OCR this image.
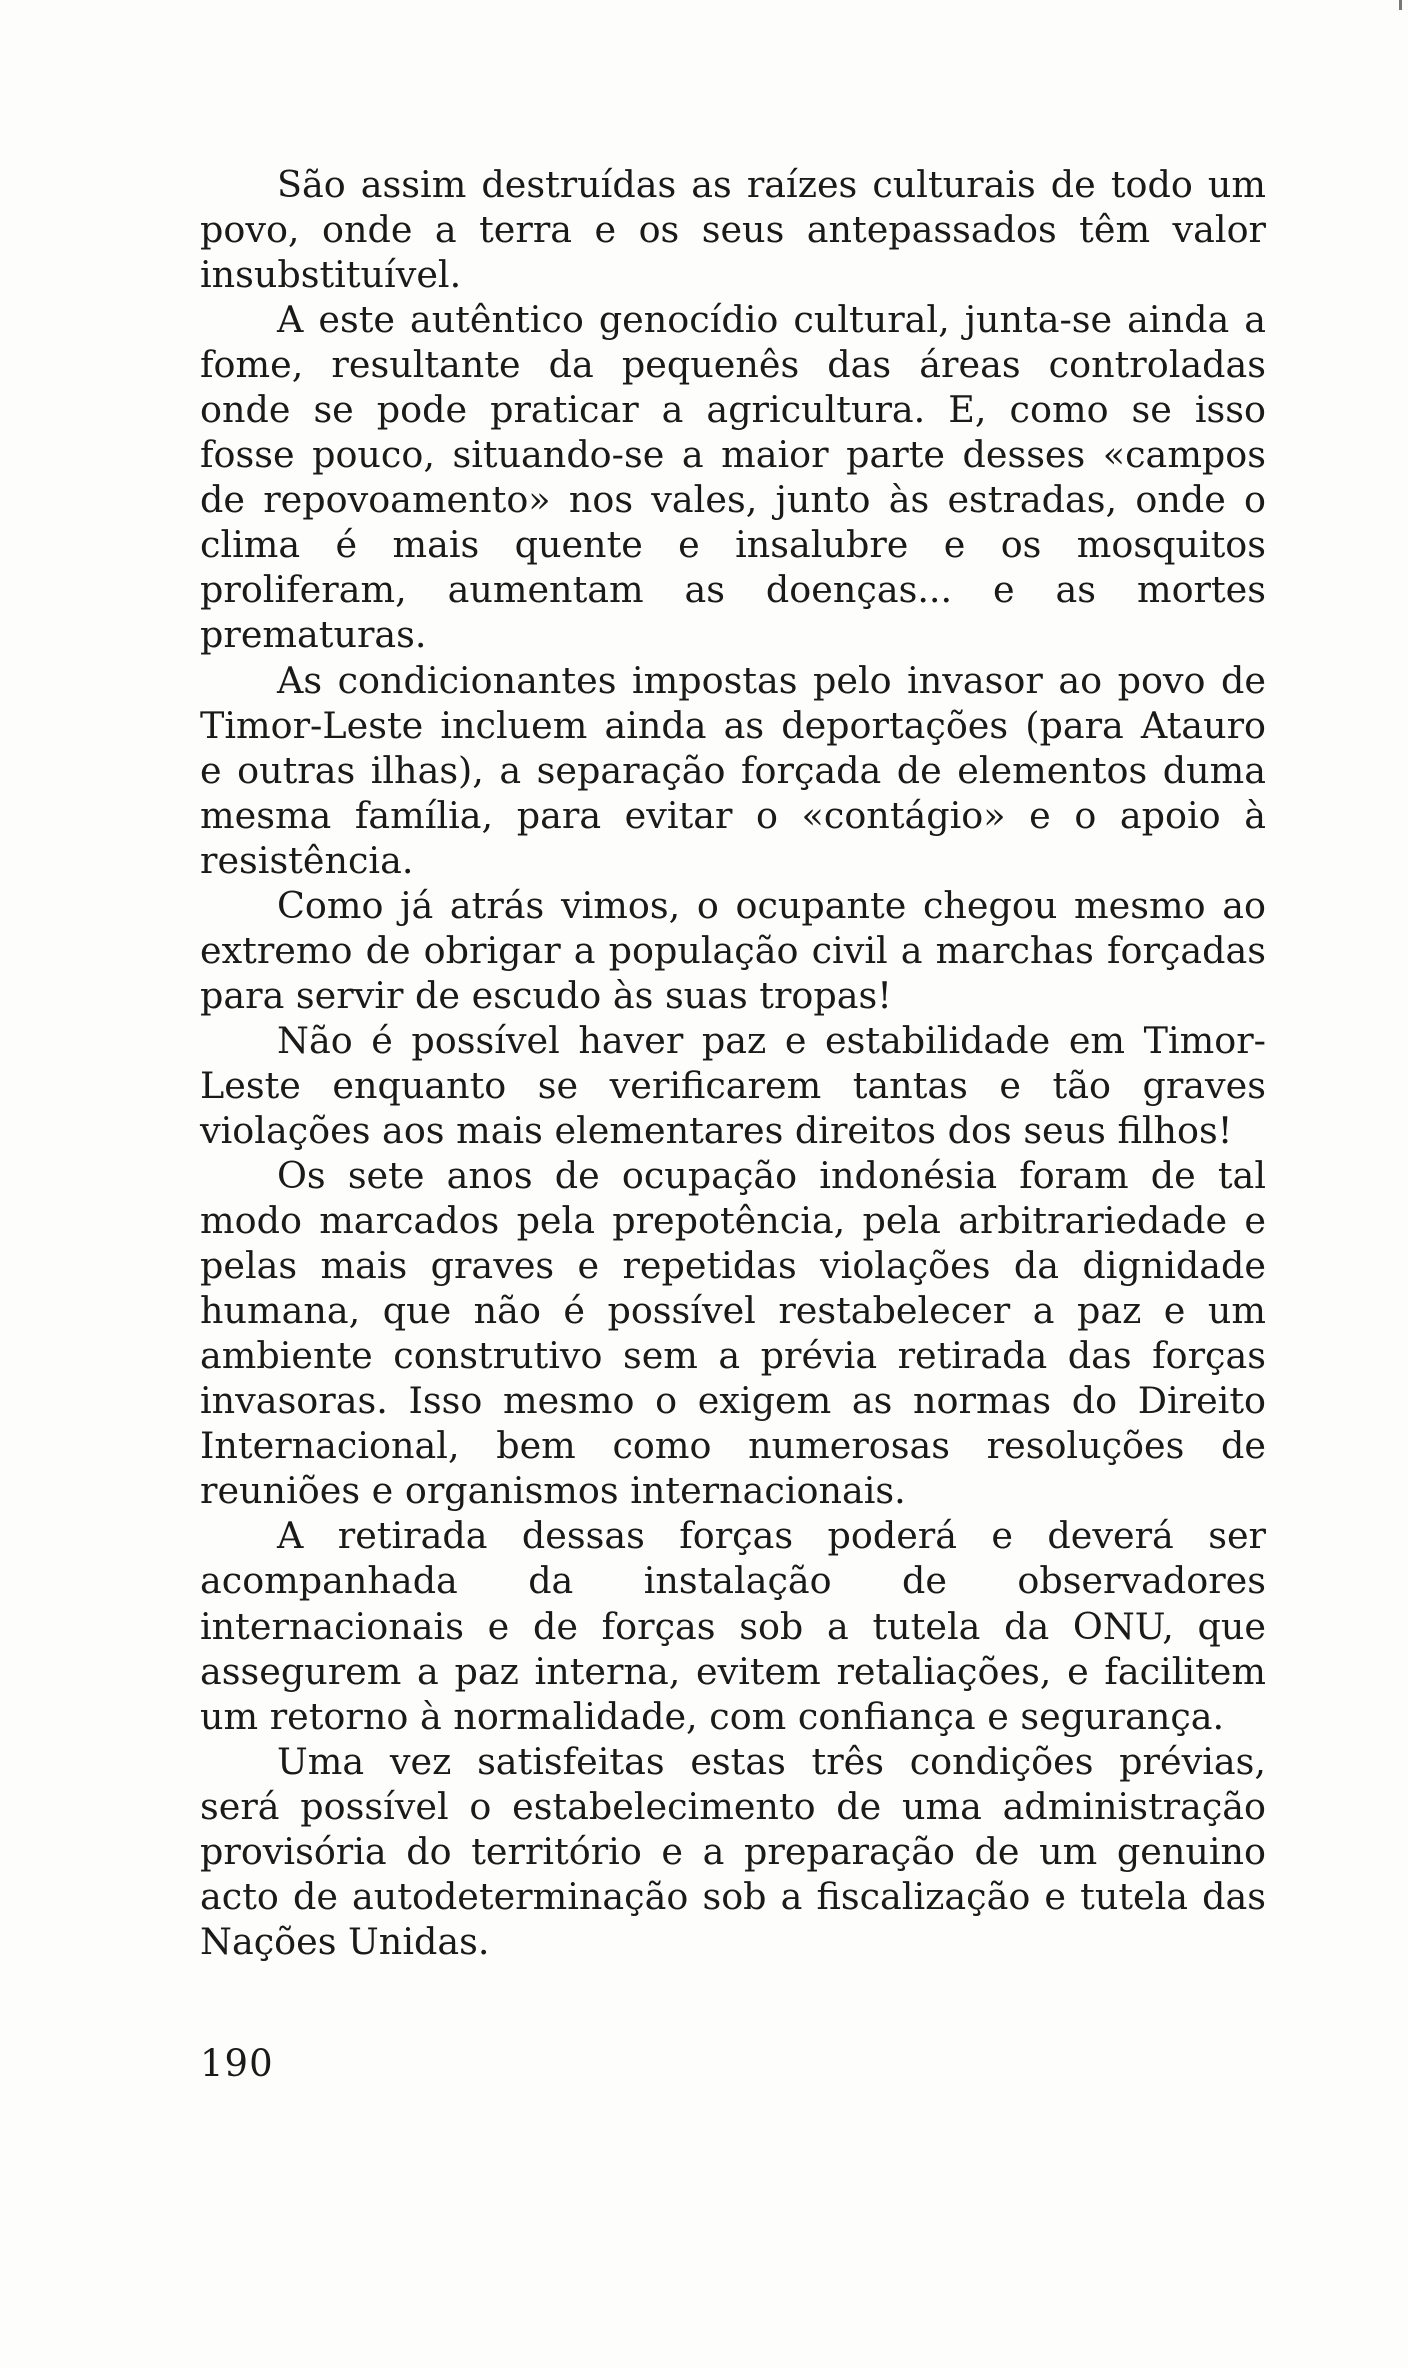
São assim destruídas as raízes culturais de todo um povo, onde a terra e os seus antepassados têm valor insubstituível.

A este autêntico genocídio cultural, junta-se ainda a fome, resultante da pequenês das áreas controladas onde se pode praticar a agricultura. E, como se isso fosse pouco, situando-se a maior parte desses «campos de repovoamento» nos vales, junto às estradas, onde o clima é mais quente e insalubre e os mosquitos proliferam, aumentam as doenças... e as mortes prematuras.

As condicionantes impostas pelo invasor ao povo de Timor-Leste incluem ainda as deportações (para Atauro e outras ilhas), a separação forçada de elementos duma mesma família, para evitar o «contágio» e o apoio à resistência.

Como já atrás vimos, o ocupante chegou mesmo ao extremo de obrigar a população civil a marchas forçadas para servir de escudo às suas tropas!

Não é possível haver paz e estabilidade em Timor-Leste enquanto se verificarem tantas e tão graves violações aos mais elementares direitos dos seus filhos!

Os sete anos de ocupação indonésia foram de tal modo marcados pela prepotência, pela arbitrariedade e pelas mais graves e repetidas violações da dignidade humana, que não é possível restabelecer a paz e um ambiente construtivo sem a prévia retirada das forças invasoras. Isso mesmo o exigem as normas do Direito Internacional, bem como numerosas resoluções de reuniões e organismos internacionais.

A retirada dessas forças poderá e deverá ser acompanhada da instalação de observadores internacionais e de forças sob a tutela da ONU, que assegurem a paz interna, evitem retaliações, e facilitem um retorno à normalidade, com confiança e segurança.

Uma vez satisfeitas estas três condições prévias, será possível o estabelecimento de uma administração provisória do território e a preparação de um genuino acto de autodeterminação sob a fiscalização e tutela das Nações Unidas.

190
